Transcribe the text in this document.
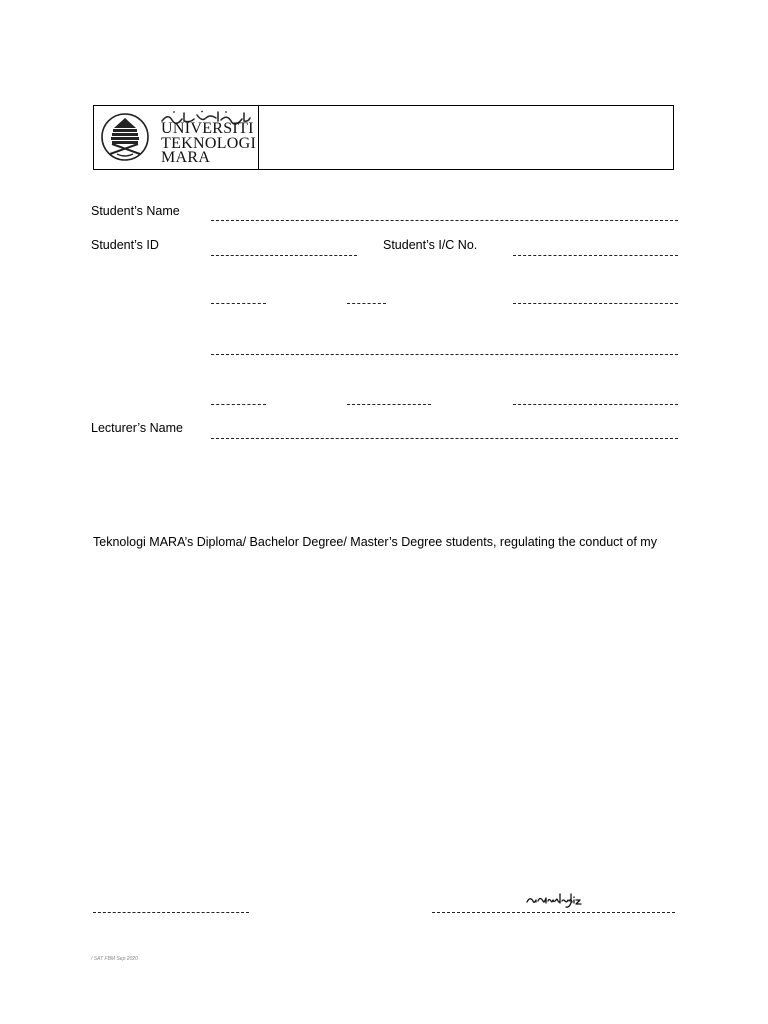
UNIVERSITI
TEKNOLOGI
MARA
Student’s Name
Student’s ID	Student’s I/C No.
Lecturer’s Name
Teknologi MARA’s Diploma/ Bachelor Degree/ Master’s Degree students, regulating the conduct of my
/ SAT FBM Sep 2020
